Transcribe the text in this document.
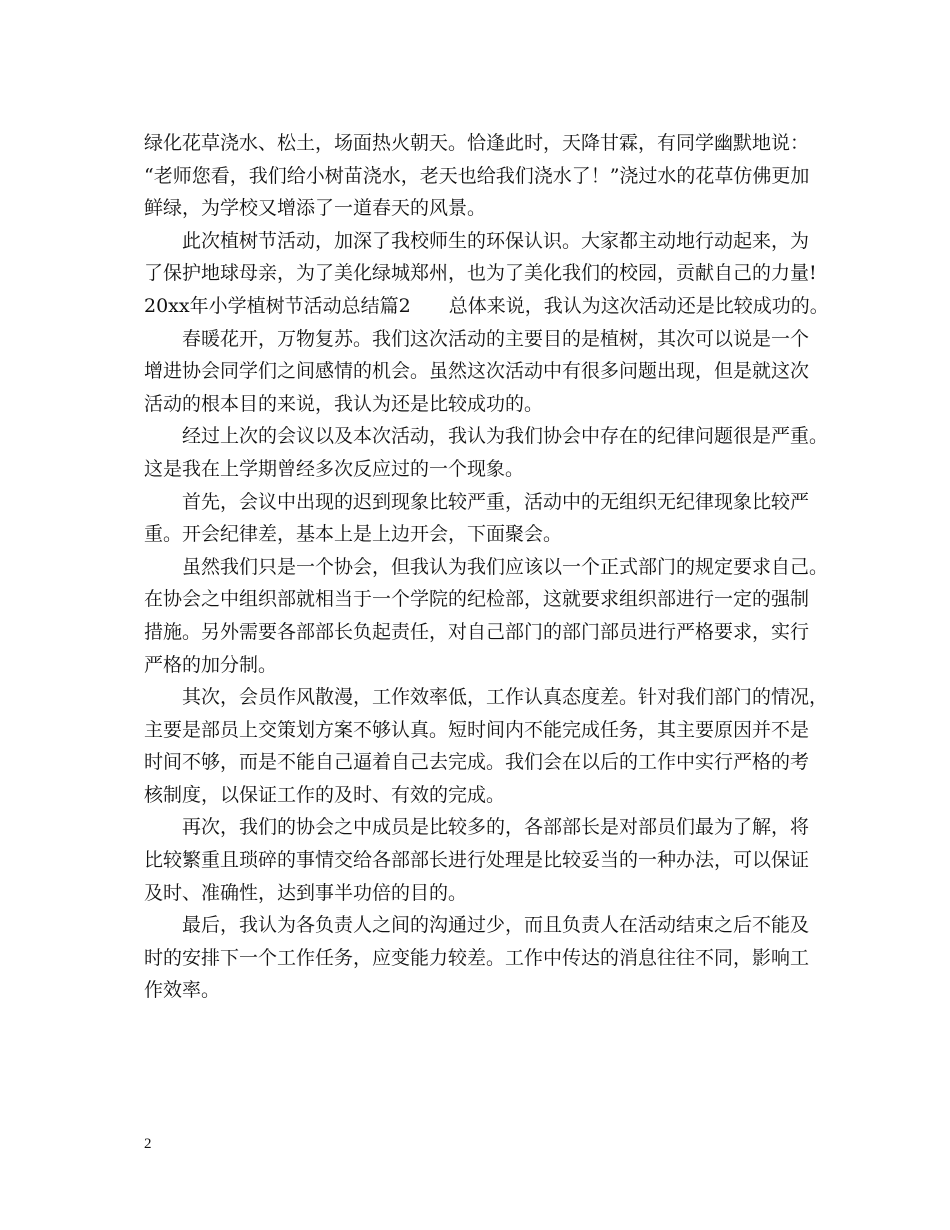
绿化花草浇水、松土，场面热火朝天。恰逢此时，天降甘霖，有同学幽默地说：
“老师您看，我们给小树苗浇水，老天也给我们浇水了！”浇过水的花草仿佛更加
鲜绿，为学校又增添了一道春天的风景。
此次植树节活动，加深了我校师生的环保认识。大家都主动地行动起来，为
了保护地球母亲，为了美化绿城郑州，也为了美化我们的校园，贡献自己的力量!
20xx年小学植树节活动总结篇2　　总体来说，我认为这次活动还是比较成功的。
春暖花开，万物复苏。我们这次活动的主要目的是植树，其次可以说是一个
增进协会同学们之间感情的机会。虽然这次活动中有很多问题出现，但是就这次
活动的根本目的来说，我认为还是比较成功的。
经过上次的会议以及本次活动，我认为我们协会中存在的纪律问题很是严重。
这是我在上学期曾经多次反应过的一个现象。
首先，会议中出现的迟到现象比较严重，活动中的无组织无纪律现象比较严
重。开会纪律差，基本上是上边开会，下面聚会。
虽然我们只是一个协会，但我认为我们应该以一个正式部门的规定要求自己。
在协会之中组织部就相当于一个学院的纪检部，这就要求组织部进行一定的强制
措施。另外需要各部部长负起责任，对自己部门的部门部员进行严格要求，实行
严格的加分制。
其次，会员作风散漫，工作效率低，工作认真态度差。针对我们部门的情况，
主要是部员上交策划方案不够认真。短时间内不能完成任务，其主要原因并不是
时间不够，而是不能自己逼着自己去完成。我们会在以后的工作中实行严格的考
核制度，以保证工作的及时、有效的完成。
再次，我们的协会之中成员是比较多的，各部部长是对部员们最为了解，将
比较繁重且琐碎的事情交给各部部长进行处理是比较妥当的一种办法，可以保证
及时、准确性，达到事半功倍的目的。
最后，我认为各负责人之间的沟通过少，而且负责人在活动结束之后不能及
时的安排下一个工作任务，应变能力较差。工作中传达的消息往往不同，影响工
作效率。
2
